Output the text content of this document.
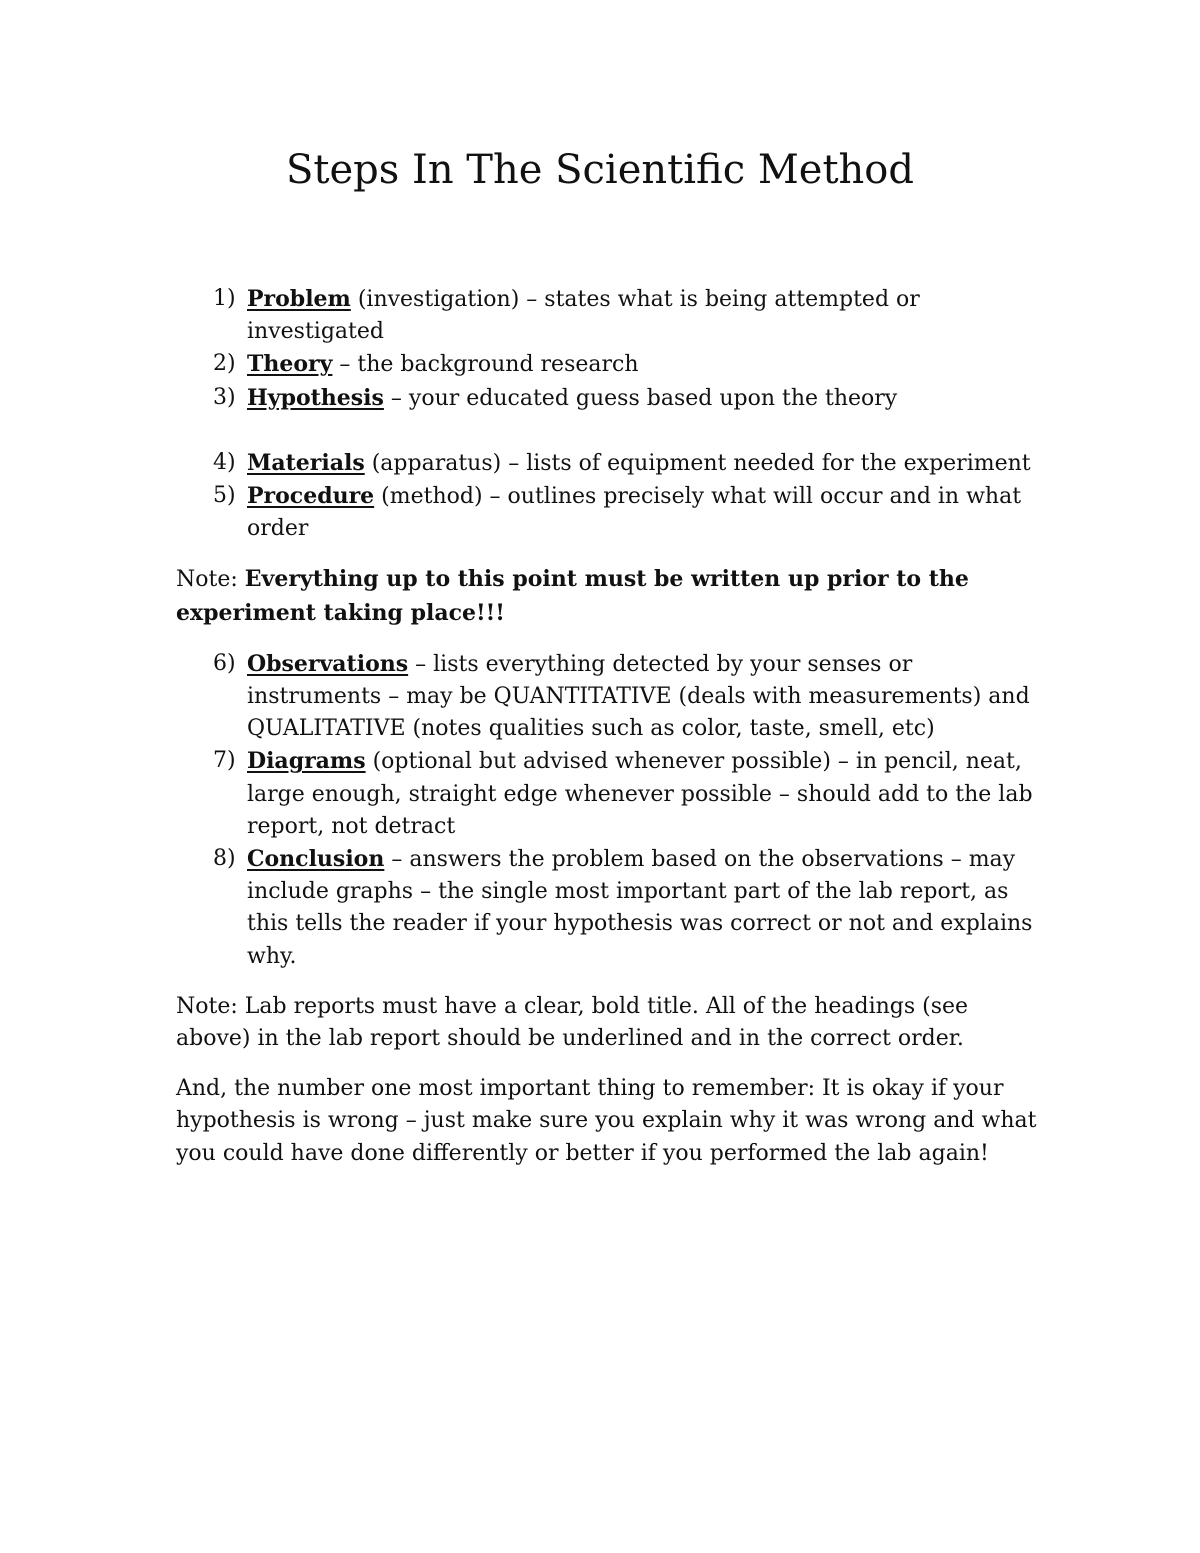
Steps In The Scientific Method
1) Problem (investigation) – states what is being attempted or investigated
2) Theory – the background research
3) Hypothesis – your educated guess based upon the theory
4) Materials (apparatus) – lists of equipment needed for the experiment
5) Procedure (method) – outlines precisely what will occur and in what order

Note: Everything up to this point must be written up prior to the experiment taking place!!!

6) Observations – lists everything detected by your senses or instruments – may be QUANTITATIVE (deals with measurements) and QUALITATIVE (notes qualities such as color, taste, smell, etc)
7) Diagrams (optional but advised whenever possible) – in pencil, neat, large enough, straight edge whenever possible – should add to the lab report, not detract
8) Conclusion – answers the problem based on the observations – may include graphs – the single most important part of the lab report, as this tells the reader if your hypothesis was correct or not and explains why.

Note: Lab reports must have a clear, bold title. All of the headings (see above) in the lab report should be underlined and in the correct order.

And, the number one most important thing to remember: It is okay if your hypothesis is wrong – just make sure you explain why it was wrong and what you could have done differently or better if you performed the lab again!
